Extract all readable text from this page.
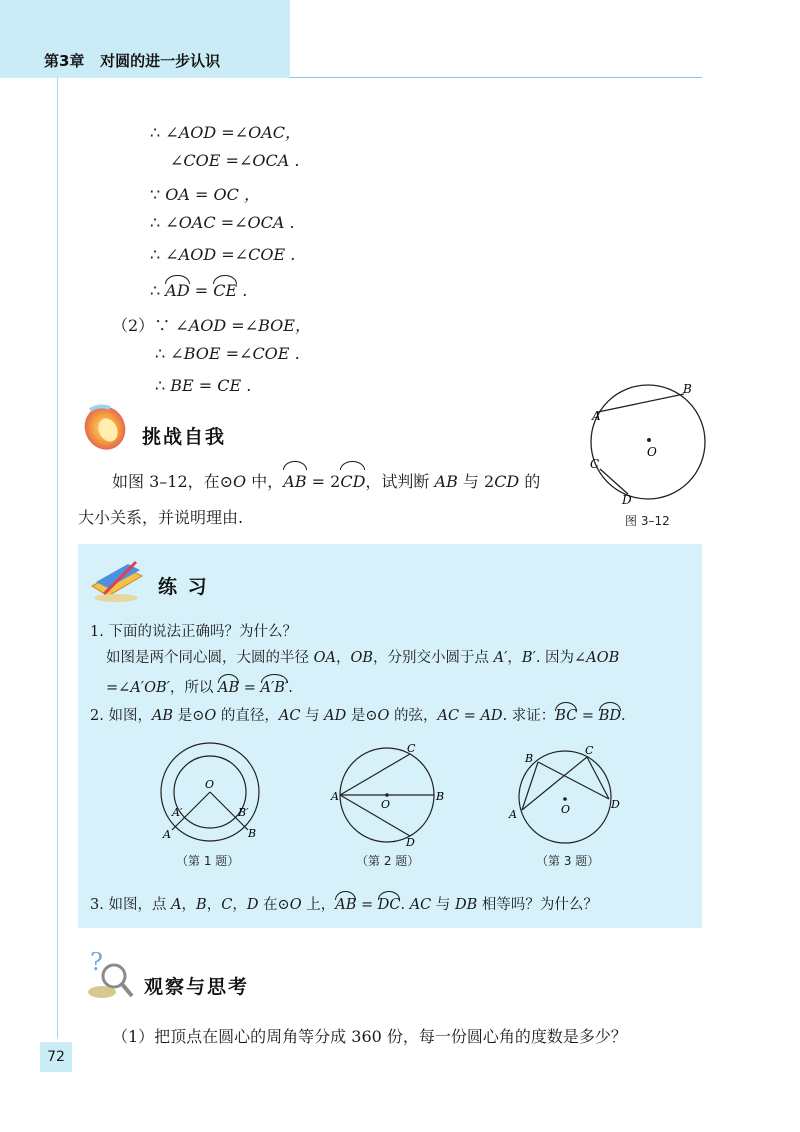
第3章 对圆的进一步认识
∴ ∠AOD =∠OAC，
∠COE =∠OCA .
∵ OA = OC ，
∴ ∠OAC =∠OCA .
∴ ∠AOD =∠COE .
∴ AD = CE .
（2）∵ ∠AOD =∠BOE，
∴ ∠BOE =∠COE .
∴ BE = CE .
挑战自我
如图 3–12，在⊙O 中，AB = 2CD，试判断 AB 与 2CD 的
大小关系，并说明理由.
A
B
C
D
O
图 3–12
练 习
1. 下面的说法正确吗？为什么？
如图是两个同心圆，大圆的半径 OA，OB，分别交小圆于点 A′，B′. 因为∠AOB
=∠A′OB′，所以 AB = A′B′.
2. 如图，AB 是⊙O 的直径，AC 与 AD 是⊙O 的弦，AC = AD. 求证：BC = BD.
O
A
A′
B
B′
（第 1 题）
A	B
C
D
O
（第 2 题）
A
B
C
D
O
（第 3 题）
3. 如图，点 A，B，C，D 在⊙O 上，AB = DC. AC 与 DB 相等吗？为什么？
?
观察与思考
（1）把顶点在圆心的周角等分成 360 份，每一份圆心角的度数是多少？
72
